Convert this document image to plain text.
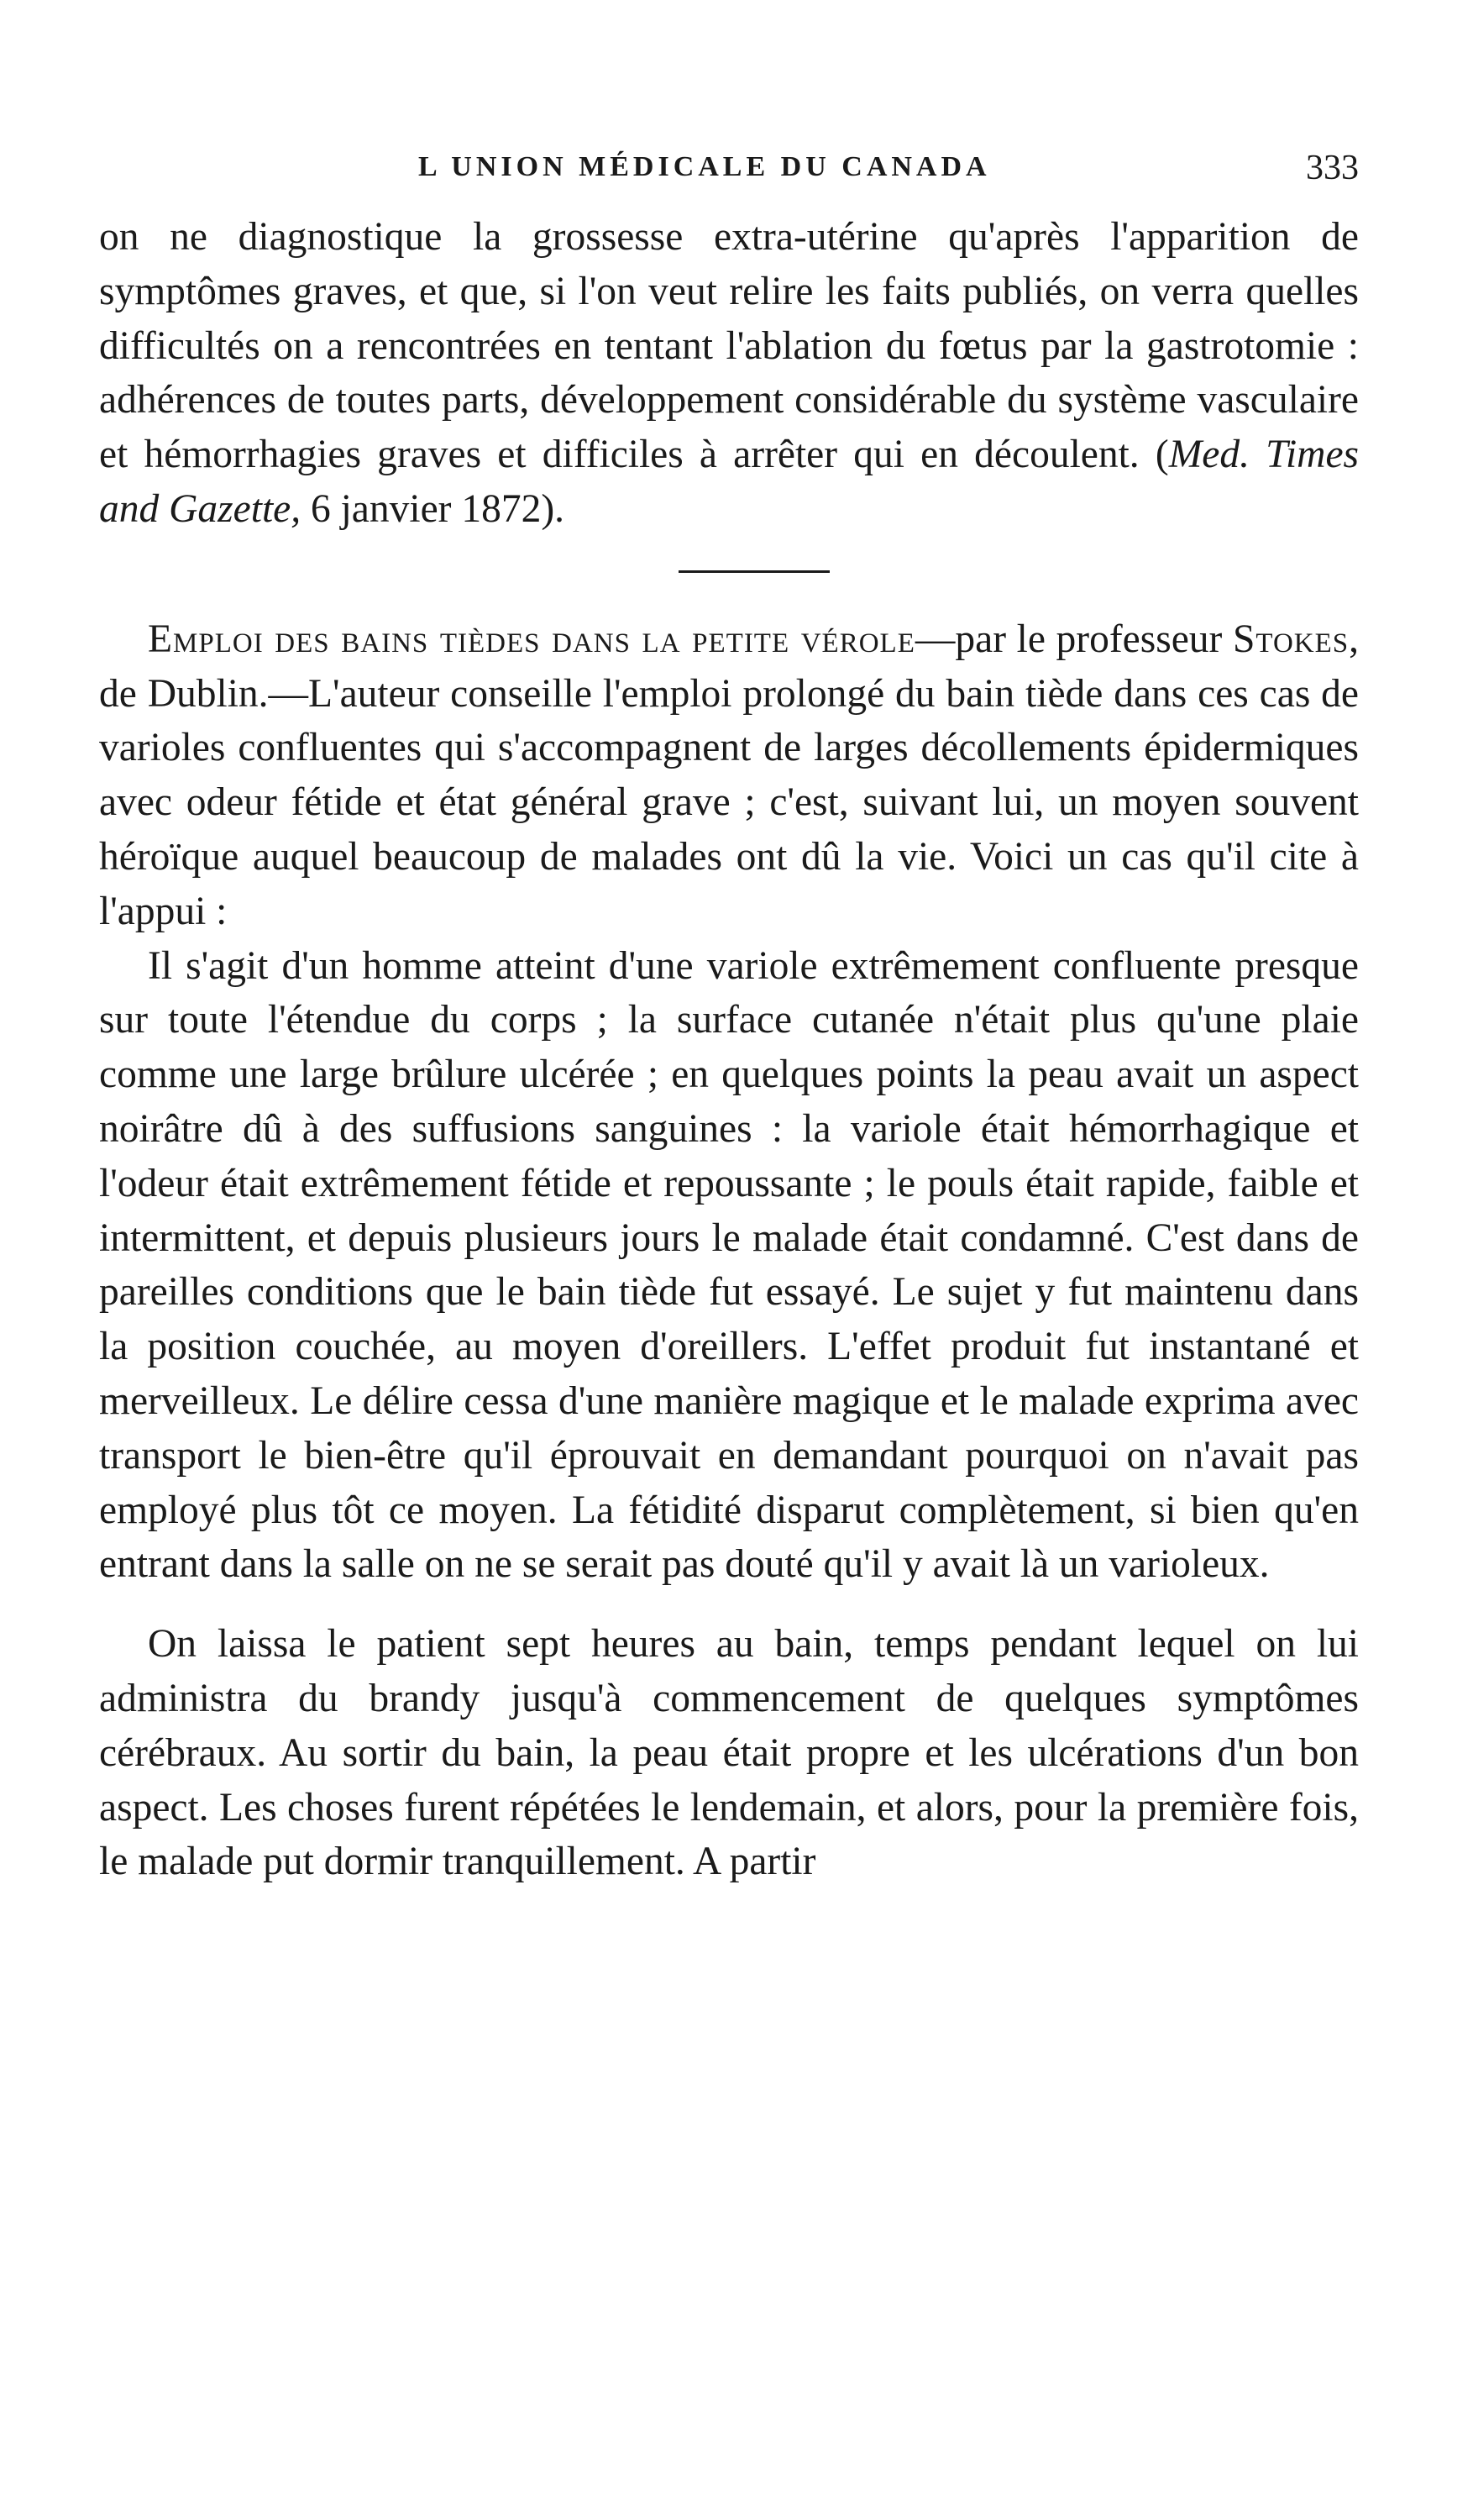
L UNION MÉDICALE DU CANADA	333

on ne diagnostique la grossesse extra-utérine qu'après l'apparition de symptômes graves, et que, si l'on veut relire les faits publiés, on verra quelles difficultés on a rencontrées en tentant l'ablation du fœtus par la gastrotomie : adhérences de toutes parts, développement considérable du système vasculaire et hémorrhagies graves et difficiles à arrêter qui en découlent. (Med. Times and Gazette, 6 janvier 1872).

Emploi des bains tièdes dans la petite vérole—par le professeur Stokes, de Dublin.—L'auteur conseille l'emploi prolongé du bain tiède dans ces cas de varioles confluentes qui s'accompagnent de larges décollements épidermiques avec odeur fétide et état général grave ; c'est, suivant lui, un moyen souvent héroïque auquel beaucoup de malades ont dû la vie. Voici un cas qu'il cite à l'appui :

Il s'agit d'un homme atteint d'une variole extrêmement confluente presque sur toute l'étendue du corps ; la surface cutanée n'était plus qu'une plaie comme une large brûlure ulcérée ; en quelques points la peau avait un aspect noirâtre dû à des suffusions sanguines : la variole était hémorrhagique et l'odeur était extrêmement fétide et repoussante ; le pouls était rapide, faible et intermittent, et depuis plusieurs jours le malade était condamné. C'est dans de pareilles conditions que le bain tiède fut essayé. Le sujet y fut maintenu dans la position couchée, au moyen d'oreillers. L'effet produit fut instantané et merveilleux. Le délire cessa d'une manière magique et le malade exprima avec transport le bien-être qu'il éprouvait en demandant pourquoi on n'avait pas employé plus tôt ce moyen. La fétidité disparut complètement, si bien qu'en entrant dans la salle on ne se serait pas douté qu'il y avait là un varioleux.

On laissa le patient sept heures au bain, temps pendant lequel on lui administra du brandy jusqu'à commencement de quelques symptômes cérébraux. Au sortir du bain, la peau était propre et les ulcérations d'un bon aspect. Les choses furent répétées le lendemain, et alors, pour la première fois, le malade put dormir tranquillement. A partir
